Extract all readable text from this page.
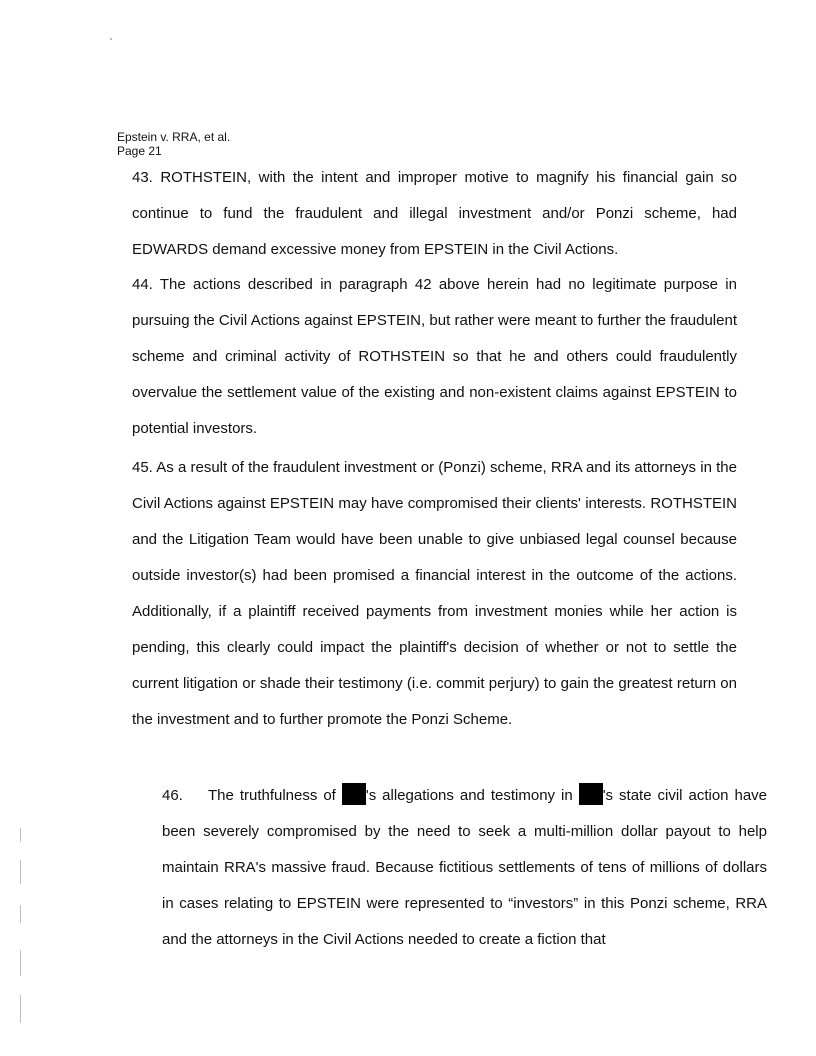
Epstein v. RRA, et al.
Page 21

43. ROTHSTEIN, with the intent and improper motive to magnify his financial gain so continue to fund the fraudulent and illegal investment and/or Ponzi scheme, had EDWARDS demand excessive money from EPSTEIN in the Civil Actions.

44. The actions described in paragraph 42 above herein had no legitimate purpose in pursuing the Civil Actions against EPSTEIN, but rather were meant to further the fraudulent scheme and criminal activity of ROTHSTEIN so that he and others could fraudulently overvalue the settlement value of the existing and non-existent claims against EPSTEIN to potential investors.

45. As a result of the fraudulent investment or (Ponzi) scheme, RRA and its attorneys in the Civil Actions against EPSTEIN may have compromised their clients' interests. ROTHSTEIN and the Litigation Team would have been unable to give unbiased legal counsel because outside investor(s) had been promised a financial interest in the outcome of the actions. Additionally, if a plaintiff received payments from investment monies while her action is pending, this clearly could impact the plaintiff's decision of whether or not to settle the current litigation or shade their testimony (i.e. commit perjury) to gain the greatest return on the investment and to further promote the Ponzi Scheme.

46. The truthfulness of 's allegations and testimony in 's state civil action have been severely compromised by the need to seek a multi-million dollar payout to help maintain RRA's massive fraud. Because fictitious settlements of tens of millions of dollars in cases relating to EPSTEIN were represented to “investors” in this Ponzi scheme, RRA and the attorneys in the Civil Actions needed to create a fiction that
